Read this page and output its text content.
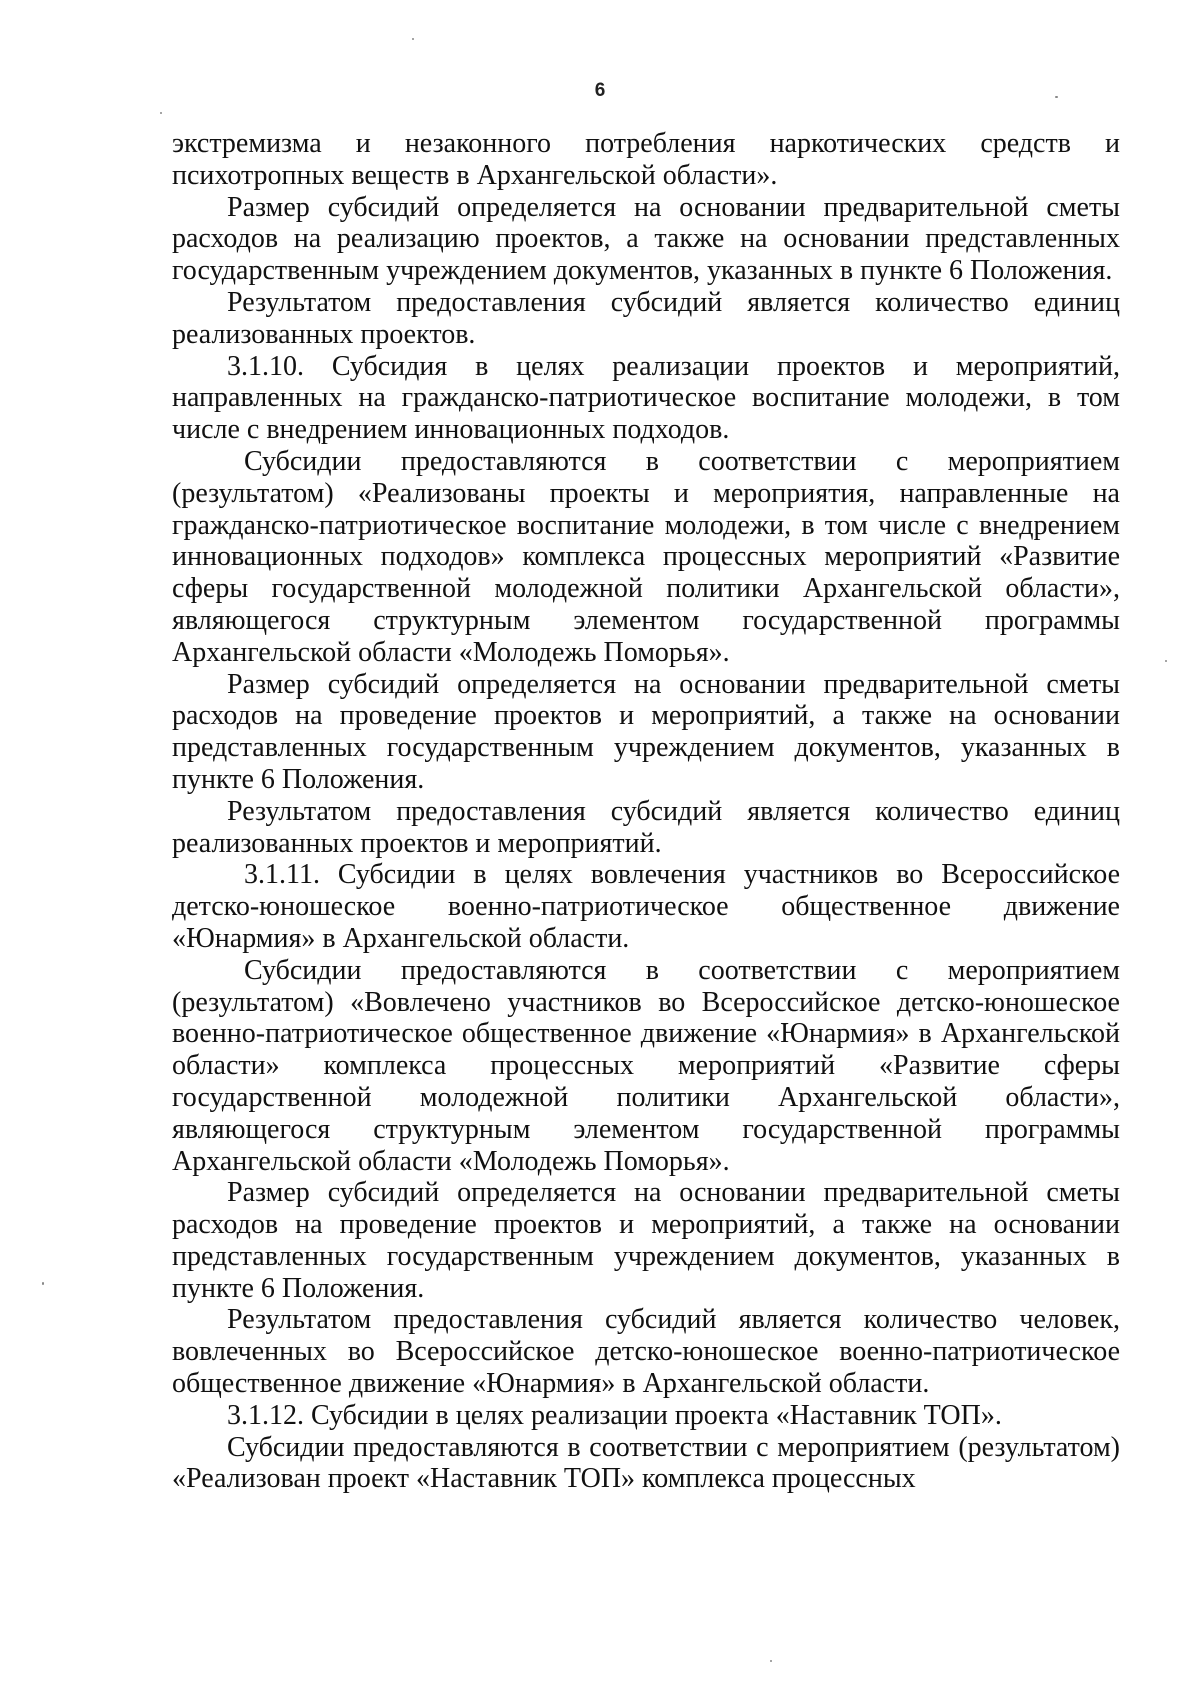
6

экстремизма и незаконного потребления наркотических средств и психотропных веществ в Архангельской области».

Размер субсидий определяется на основании предварительной сметы расходов на реализацию проектов, а также на основании представленных государственным учреждением документов, указанных в пункте 6 Положения.

Результатом предоставления субсидий является количество единиц реализованных проектов.

3.1.10. Субсидия в целях реализации проектов и мероприятий, направленных на гражданско-патриотическое воспитание молодежи, в том числе с внедрением инновационных подходов.

Субсидии предоставляются в соответствии с мероприятием (результатом) «Реализованы проекты и мероприятия, направленные на гражданско-патриотическое воспитание молодежи, в том числе с внедрением инновационных подходов» комплекса процессных мероприятий «Развитие сферы государственной молодежной политики Архангельской области», являющегося структурным элементом государственной программы Архангельской области «Молодежь Поморья».

Размер субсидий определяется на основании предварительной сметы расходов на проведение проектов и мероприятий, а также на основании представленных государственным учреждением документов, указанных в пункте 6 Положения.

Результатом предоставления субсидий является количество единиц реализованных проектов и мероприятий.

3.1.11. Субсидии в целях вовлечения участников во Всероссийское детско-юношеское военно-патриотическое общественное движение «Юнармия» в Архангельской области.

Субсидии предоставляются в соответствии с мероприятием (результатом) «Вовлечено участников во Всероссийское детско-юношеское военно-патриотическое общественное движение «Юнармия» в Архангельской области» комплекса процессных мероприятий «Развитие сферы государственной молодежной политики Архангельской области», являющегося структурным элементом государственной программы Архангельской области «Молодежь Поморья».

Размер субсидий определяется на основании предварительной сметы расходов на проведение проектов и мероприятий, а также на основании представленных государственным учреждением документов, указанных в пункте 6 Положения.

Результатом предоставления субсидий является количество человек, вовлеченных во Всероссийское детско-юношеское военно-патриотическое общественное движение «Юнармия» в Архангельской области.

3.1.12. Субсидии в целях реализации проекта «Наставник ТОП».

Субсидии предоставляются в соответствии с мероприятием (результатом) «Реализован проект «Наставник ТОП» комплекса процессных
